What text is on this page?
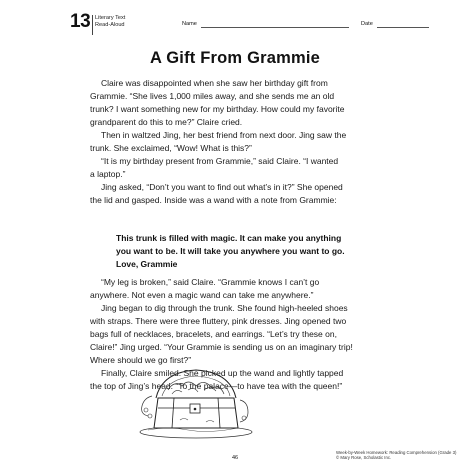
13 Literary Text
Read-Aloud	Name	Date
A Gift From Grammie
Claire was disappointed when she saw her birthday gift from
Grammie. “She lives 1,000 miles away, and she sends me an old
trunk? I want something new for my birthday. How could my favorite
grandparent do this to me?” Claire cried.
Then in waltzed Jing, her best friend from next door. Jing saw the
trunk. She exclaimed, “Wow! What is this?”
“It is my birthday present from Grammie,” said Claire. “I wanted
a laptop.”
Jing asked, “Don’t you want to find out what’s in it?” She opened
the lid and gasped. Inside was a wand with a note from Grammie:
This trunk is filled with magic. It can make you anything
you want to be. It will take you anywhere you want to go.
Love, Grammie
“My leg is broken,” said Claire. “Grammie knows I can’t go
anywhere. Not even a magic wand can take me anywhere.”
Jing began to dig through the trunk. She found high-heeled shoes
with straps. There were three fluttery, pink dresses. Jing opened two
bags full of necklaces, bracelets, and earrings. “Let’s try these on,
Claire!” Jing urged. “Your Grammie is sending us on an imaginary trip!
Where should we go first?”
Finally, Claire smiled. She picked up the wand and lightly tapped
the top of Jing’s head. “To the palace—to have tea with the queen!”
46
Week-by-Week Homework: Reading Comprehension (Grade 3)
© Mary Rose, Scholastic Inc.
